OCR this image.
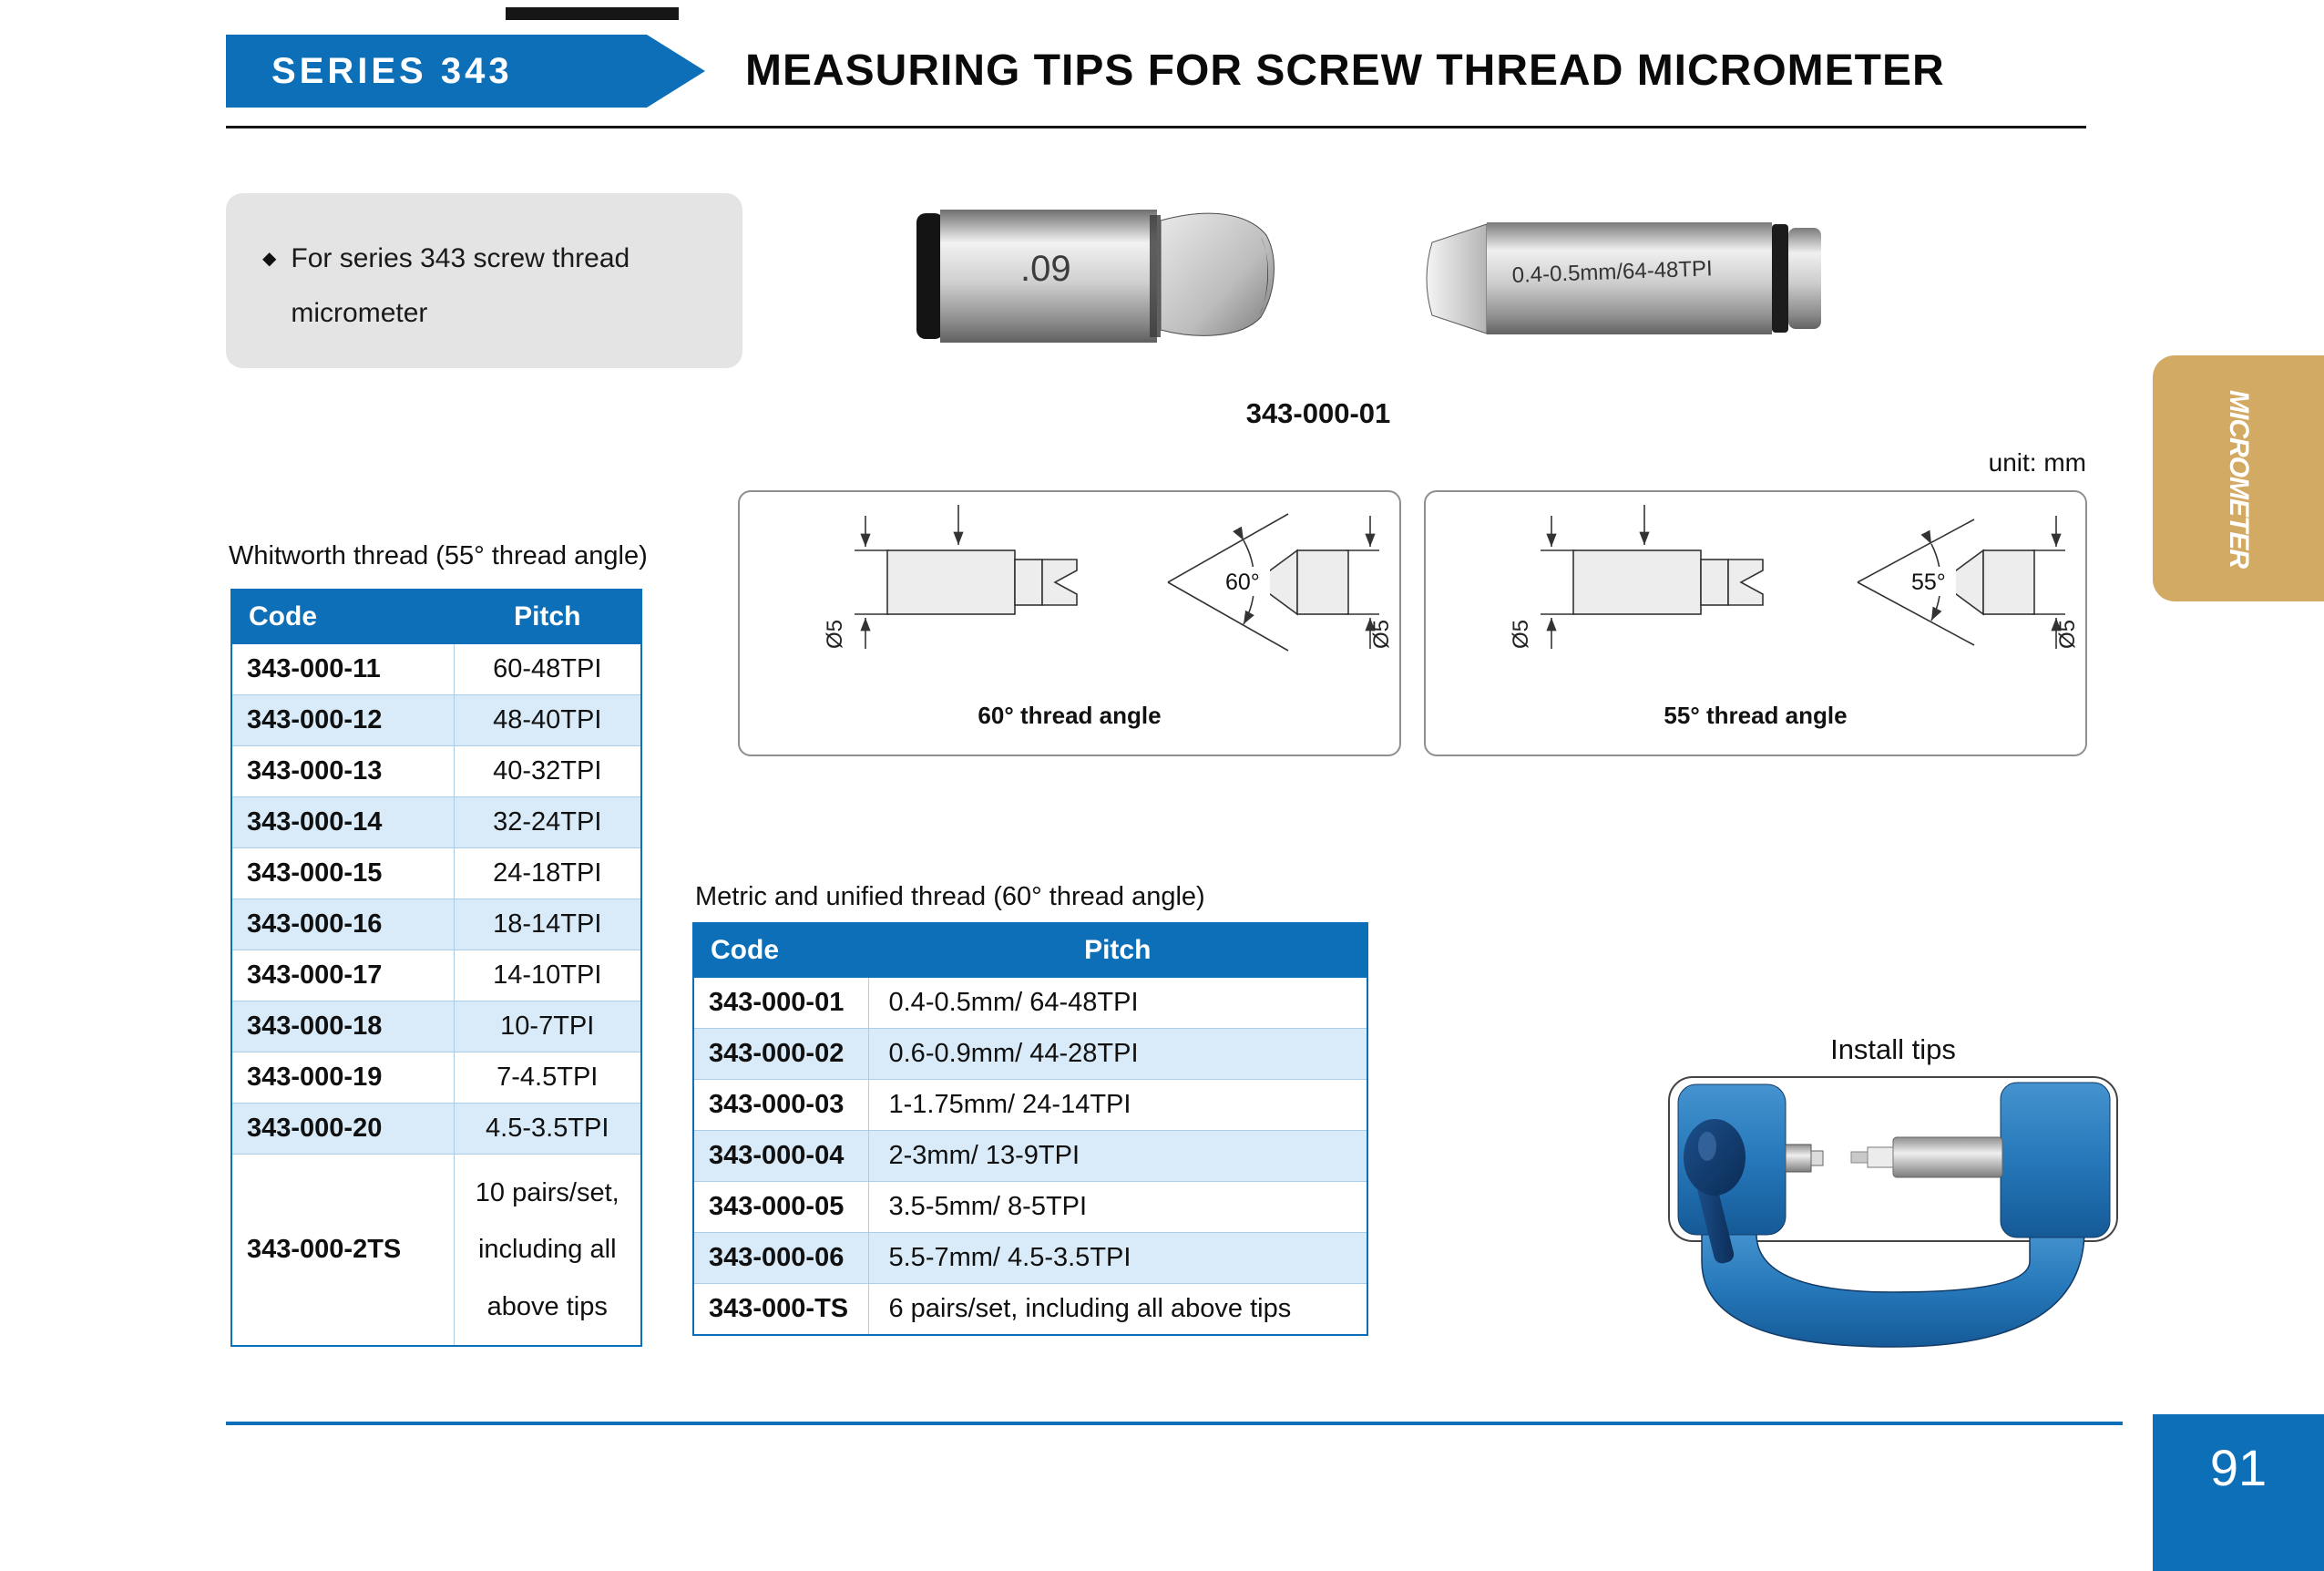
SERIES 343	MEASURING TIPS FOR SCREW THREAD MICROMETER
◆ For series 343 screw thread micrometer
.09	0.4-0.5mm/64-48TPI
343-000-01
unit: mm
Ø5
60°
Ø5
60° thread angle
Ø5
55°
Ø5
55° thread angle
Whitworth thread (55° thread angle)
Code	Pitch
343-000-11	60-48TPI
343-000-12	48-40TPI
343-000-13	40-32TPI
343-000-14	32-24TPI
343-000-15	24-18TPI
343-000-16	18-14TPI
343-000-17	14-10TPI
343-000-18	10-7TPI
343-000-19	7-4.5TPI
343-000-20	4.5-3.5TPI
343-000-2TS	10 pairs/set, including all above tips
Metric and unified thread (60° thread angle)
Code	Pitch
343-000-01	0.4-0.5mm/ 64-48TPI
343-000-02	0.6-0.9mm/ 44-28TPI
343-000-03	1-1.75mm/ 24-14TPI
343-000-04	2-3mm/ 13-9TPI
343-000-05	3.5-5mm/ 8-5TPI
343-000-06	5.5-7mm/ 4.5-3.5TPI
343-000-TS	6 pairs/set, including all above tips
Install tips
MICROMETER
91
